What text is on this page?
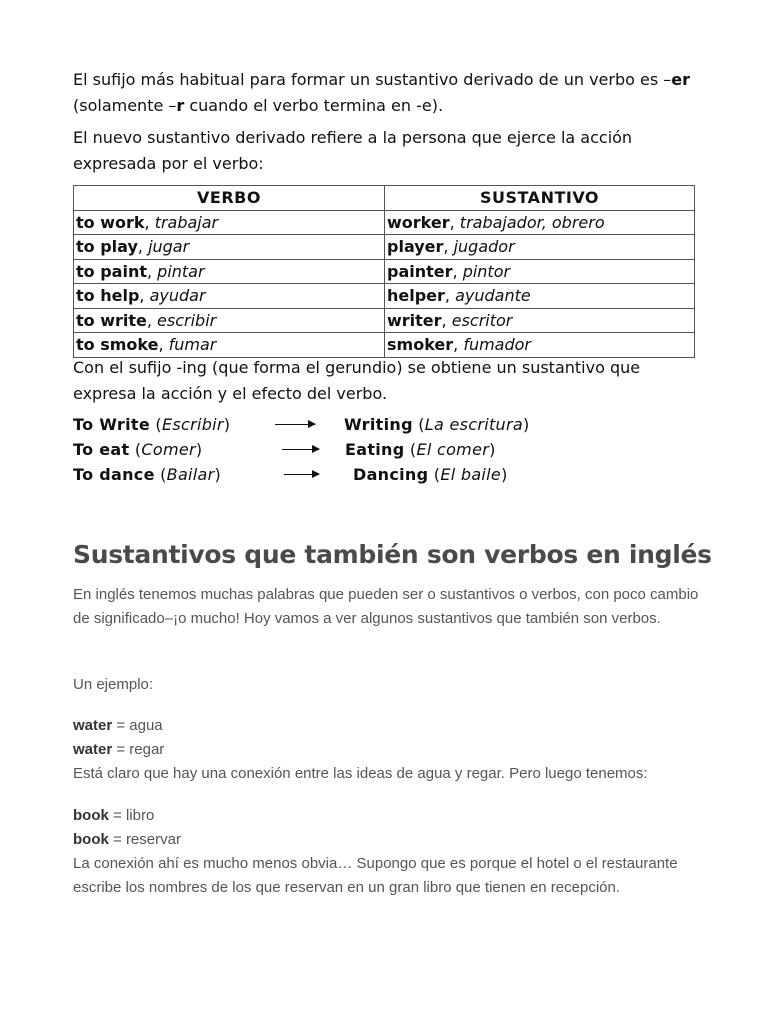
El sufijo más habitual para formar un sustantivo derivado de un verbo es –er (solamente –r cuando el verbo termina en -e).

El nuevo sustantivo derivado refiere a la persona que ejerce la acción expresada por el verbo:

VERBO	SUSTANTIVO
to work, trabajar	worker, trabajador, obrero
to play, jugar	player, jugador
to paint, pintar	painter, pintor
to help, ayudar	helper, ayudante
to write, escribir	writer, escritor
to smoke, fumar	smoker, fumador

Con el sufijo -ing (que forma el gerundio) se obtiene un sustantivo que expresa la acción y el efecto del verbo.

To Write (Escribir)	Writing (La escritura)
To eat (Comer)	Eating (El comer)
To dance (Bailar)	Dancing (El baile)
Sustantivos que también son verbos en inglés

En inglés tenemos muchas palabras que pueden ser o sustantivos o verbos, con poco cambio de significado–¡o mucho! Hoy vamos a ver algunos sustantivos que también son verbos.

Un ejemplo:

water = agua
water = regar
Está claro que hay una conexión entre las ideas de agua y regar. Pero luego tenemos:
book = libro
book = reservar
La conexión ahí es mucho menos obvia… Supongo que es porque el hotel o el restaurante escribe los nombres de los que reservan en un gran libro que tienen en recepción.
